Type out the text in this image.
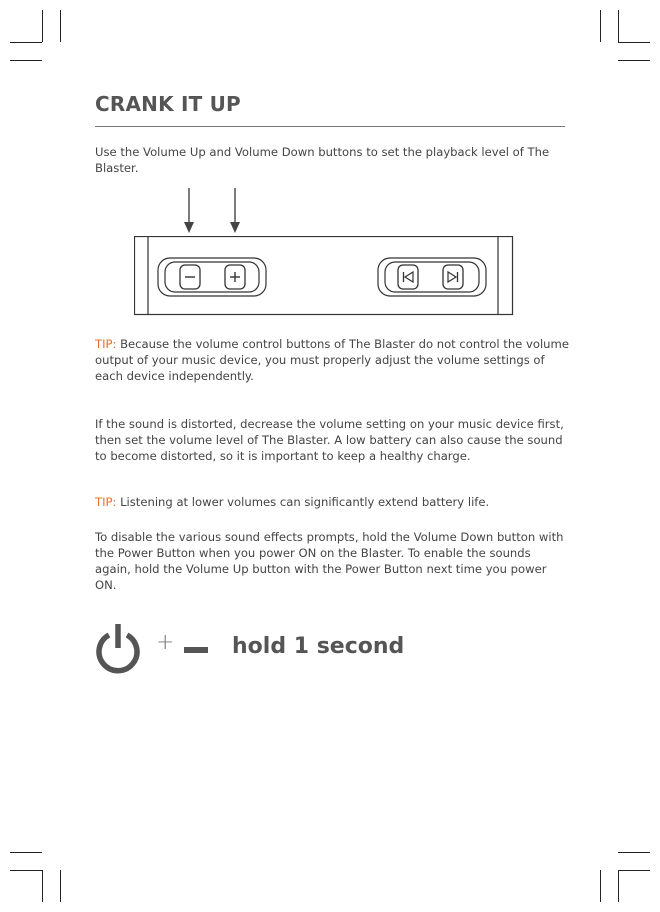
CRANK IT UP

Use the Volume Up and Volume Down buttons to set the playback level of The Blaster.

TIP: Because the volume control buttons of The Blaster do not control the volume output of your music device, you must properly adjust the volume settings of each device independently.

If the sound is distorted, decrease the volume setting on your music device first, then set the volume level of The Blaster. A low battery can also cause the sound to become distorted, so it is important to keep a healthy charge.

TIP: Listening at lower volumes can significantly extend battery life.

To disable the various sound effects prompts, hold the Volume Down button with the Power Button when you power ON on the Blaster. To enable the sounds again, hold the Volume Up button with the Power Button next time you power ON.

+	hold 1 second
